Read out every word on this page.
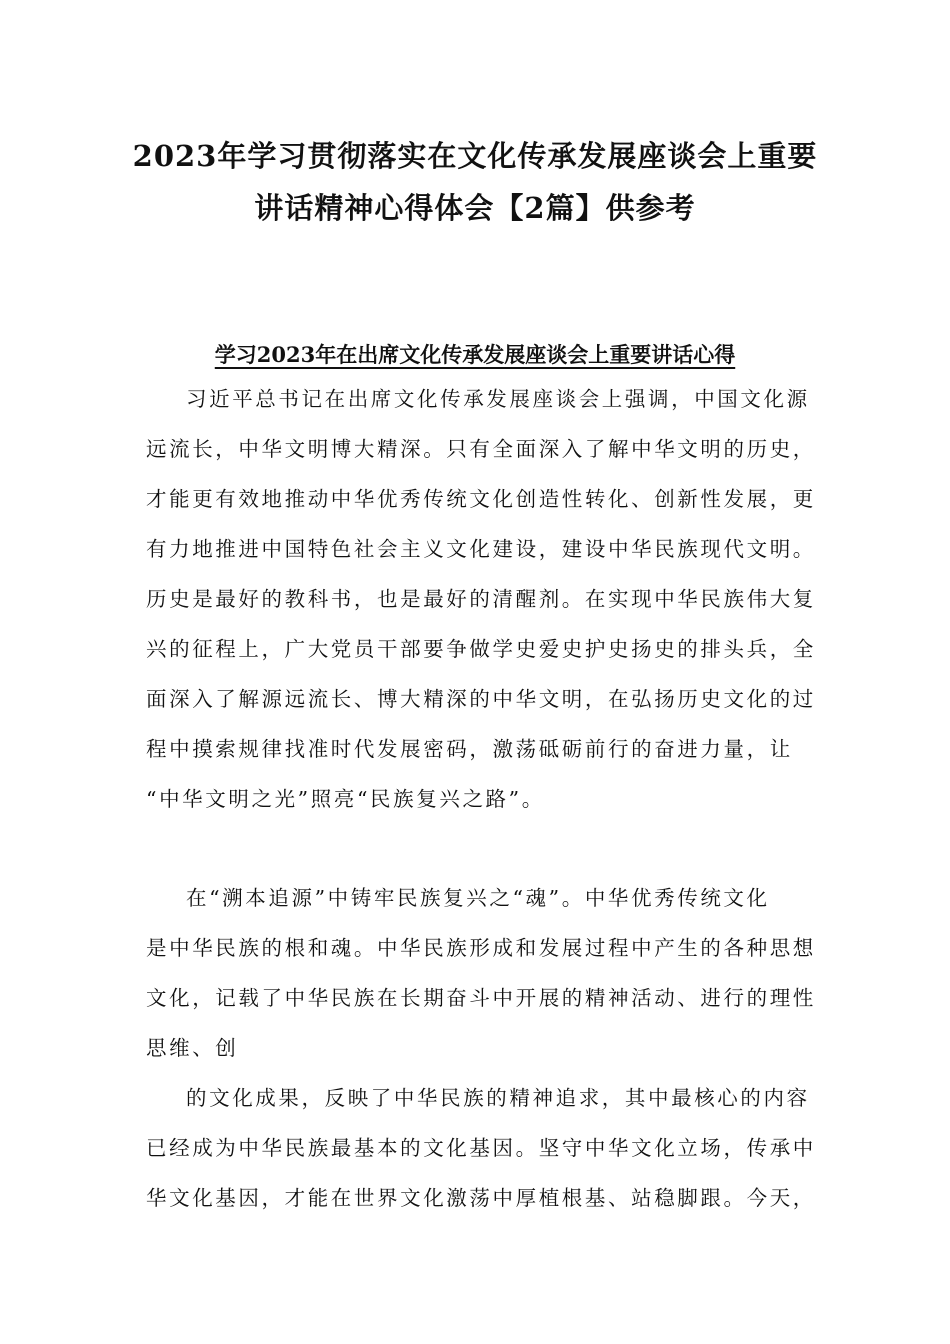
2023年学习贯彻落实在文化传承发展座谈会上重要
讲话精神心得体会【2篇】供参考
学习2023年在出席文化传承发展座谈会上重要讲话心得
习近平总书记在出席文化传承发展座谈会上强调，中国文化源
远流长，中华文明博大精深。只有全面深入了解中华文明的历史，
才能更有效地推动中华优秀传统文化创造性转化、创新性发展，更
有力地推进中国特色社会主义文化建设，建设中华民族现代文明。
历史是最好的教科书，也是最好的清醒剂。在实现中华民族伟大复
兴的征程上，广大党员干部要争做学史爱史护史扬史的排头兵，全
面深入了解源远流长、博大精深的中华文明，在弘扬历史文化的过
程中摸索规律找准时代发展密码，激荡砥砺前行的奋进力量，让
“中华文明之光”照亮“民族复兴之路”。
在“溯本追源”中铸牢民族复兴之“魂”。中华优秀传统文化
是中华民族的根和魂。中华民族形成和发展过程中产生的各种思想
文化，记载了中华民族在长期奋斗中开展的精神活动、进行的理性
思维、创
的文化成果，反映了中华民族的精神追求，其中最核心的内容
已经成为中华民族最基本的文化基因。坚守中华文化立场，传承中
华文化基因，才能在世界文化激荡中厚植根基、站稳脚跟。今天，
